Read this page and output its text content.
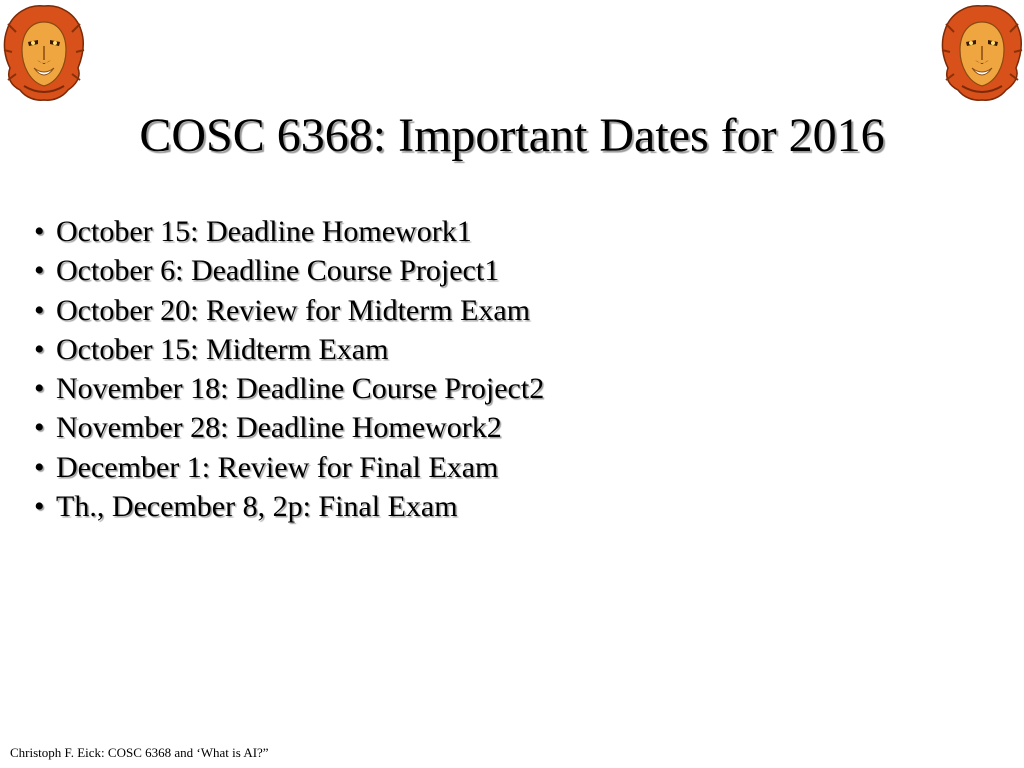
COSC 6368: Important Dates for 2016
• October 15: Deadline Homework1
• October 6: Deadline Course Project1
• October 20: Review for Midterm Exam
• October 15: Midterm Exam
• November 18: Deadline Course Project2
• November 28: Deadline Homework2
• December 1: Review for Final Exam
• Th., December 8, 2p: Final Exam
Christoph F. Eick: COSC 6368 and ‘What is AI?”
